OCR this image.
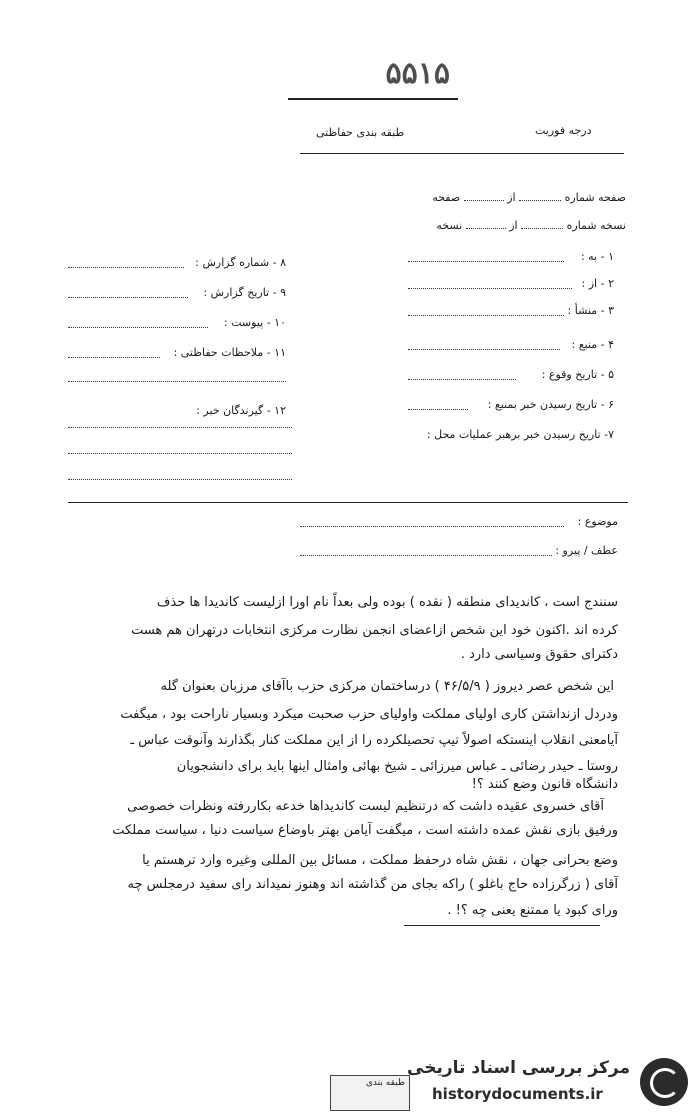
۵۵۱۵
طبقه بندی حفاظتی	درجه فوریت
صفحه شماره  از  صفحه
نسخه شماره  از  نسخه
۱ - به :
۲ - از :
۳ - منشأ :
۴ - منبع :
۵ - تاریخ وقوع :
۶ - تاریخ رسیدن خبر بمنبع :
۷- تاریخ رسیدن خبر برهبر عملیات محل :
۸ - شماره گزارش :
۹ - تاریخ گزارش :
۱۰ - پیوست :
۱۱ - ملاحظات حفاظتی :
۱۲ - گیرندگان خبر :
موضوع :
عطف / پیرو :
سنندج است ، کاندیدای منطقه ( نقده ) بوده ولی بعداً نام اورا ازلیست کاندیدا ها حذف
کرده اند .اکنون خود این شخص ازاعضای انجمن نظارت مرکزی انتخابات درتهران هم هست
دکترای حقوق وسیاسی دارد .
این شخص عصر دیروز ( ۴۶/۵/۹ ) درساختمان مرکزی حزب باآقای مرزبان بعنوان گله
ودردل ازنداشتن کاری اولیای مملکت واولیای حزب صحبت میکرد وبسیار ناراحت بود ، میگفت
آیامعنی انقلاب اینستکه اصولاً تیپ تحصیلکرده را از این مملکت کنار بگذارند وآنوقت عباس ـ
روستا ـ حیدر رضائی ـ عباس میرزائی ـ شیخ بهائی وامثال اینها باید برای دانشجویان
دانشگاه قانون وضع کنند ؟!
آقای خسروی عقیده داشت که درتنظیم لیست کاندیداها خدعه بکاررفته ونظرات خصوصی
ورفیق بازی نقش عمده داشته است ، میگفت آیامن بهتر باوضاع سیاست دنیا ، سیاست مملکت
وضع بحرانی جهان ، نقش شاه درحفظ مملکت ، مسائل بین المللی وغیره وارد ترهستم یا
آقای ( زرگرزاده حاج باغلو ) راکه بجای من گذاشته اند وهنوز نمیداند رای سفید درمجلس چه
ورای کبود یا ممتنع یعنی چه ؟! .
طبقه بندی
مرکز بررسی اسناد تاریخی
historydocuments.ir
